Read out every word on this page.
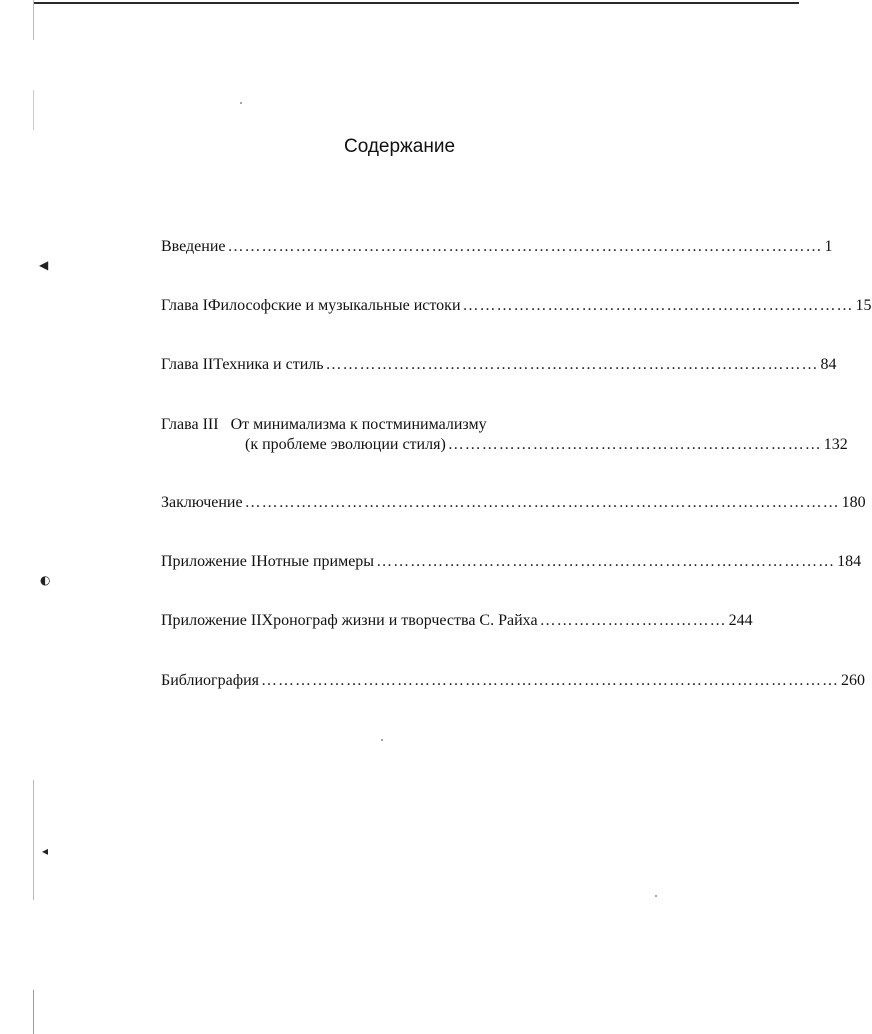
Содержание
Введение …………………………………………………………………………………………… 1
Глава I Философские и музыкальные истоки …………………………………………………………… 15
Глава II Техника и стиль …………………………………………………………………………… 84
Глава III От минимализма к постминимализму
(к проблеме эволюции стиля) ………………………………………………………… 132
Заключение …………………………………………………………………………………………… 180
Приложение I Нотные примеры ……………………………………………………………………… 184
Приложение II Хронограф жизни и творчества С. Райха …………………………… 244
Библиография ………………………………………………………………………………………… 260
◀
◐
◂
